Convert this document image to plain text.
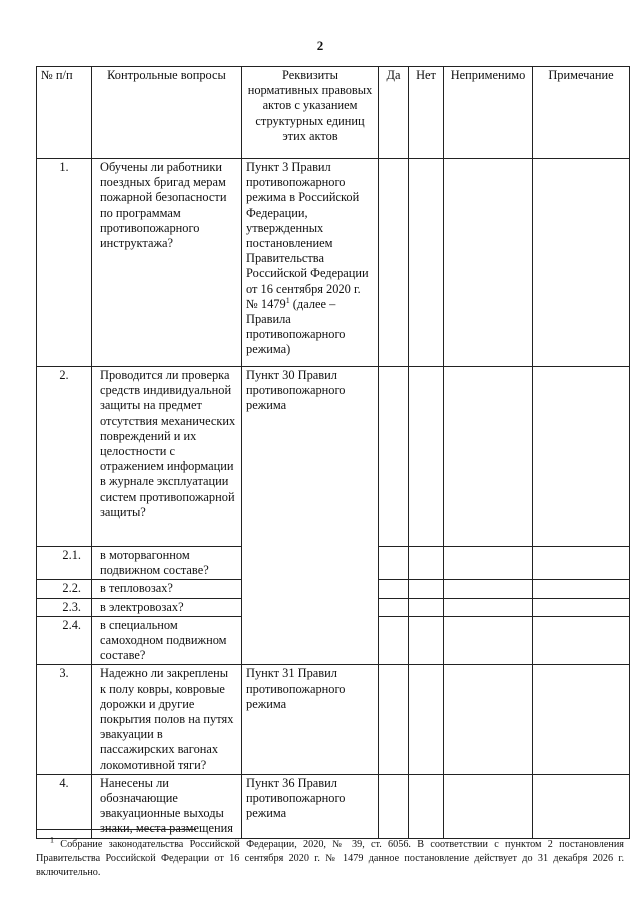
2
№ п/п	Контрольные вопросы	Реквизиты нормативных правовых актов с указанием структурных единиц этих актов	Да	Нет	Неприменимо	Примечание
1.	Обучены ли работники поездных бригад мерам пожарной безопасности по программам противопожарного инструктажа?	Пункт 3 Правил противопожарного режима в Российской Федерации, утвержденных постановлением Правительства Российской Федерации от 16 сентября 2020 г. № 1479$^1$ (далее – Правила противопожарного режима)				
2.	Проводится ли проверка средств индивидуальной защиты на предмет отсутствия механических повреждений и их целостности с отражением информации в журнале эксплуатации систем противопожарной защиты?	Пункт 30 Правил противопожарного режима				
2.1.	в моторвагонном подвижном составе?					
2.2.	в тепловозах?					
2.3.	в электровозах?					
2.4.	в специальном самоходном подвижном составе?					
3.	Надежно ли закреплены к полу ковры, ковровые дорожки и другие покрытия полов на путях эвакуации в пассажирских вагонах локомотивной тяги?	Пункт 31 Правил противопожарного режима				
4.	Нанесены ли обозначающие эвакуационные выходы знаки, места размещения	Пункт 36 Правил противопожарного режима				
$^1$ Собрание законодательства Российской Федерации, 2020, № 39, ст. 6056. В соответствии с пунктом 2 постановления Правительства Российской Федерации от 16 сентября 2020 г. № 1479 данное постановление действует до 31 декабря 2026 г. включительно.
